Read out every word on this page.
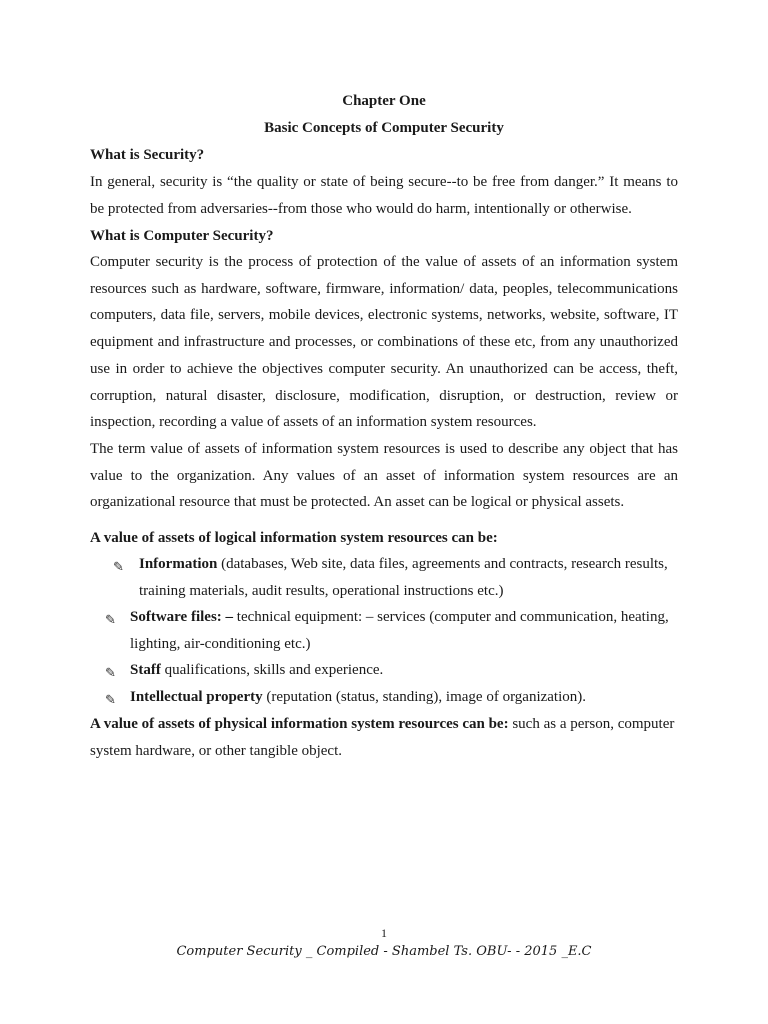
Chapter One
Basic Concepts of Computer Security
What is Security?
In general, security is “the quality or state of being secure--to be free from danger.” It means to
be protected from adversaries--from those who would do harm, intentionally or otherwise.
What is Computer Security?
Computer security is the process of protection of the value of assets of an information system
resources such as hardware, software, firmware, information/ data, peoples, telecommunications
computers, data file, servers, mobile devices, electronic systems, networks, website, software, IT
equipment and infrastructure and processes, or combinations of these etc, from any unauthorized
use in order to achieve the objectives computer security. An unauthorized can be access, theft,
corruption, natural disaster, disclosure, modification, disruption, or destruction, review or
inspection, recording a value of assets of an information system resources.
The term value of assets of information system resources is used to describe any object that has
value to the organization. Any values of an asset of information system resources are an
organizational resource that must be protected. An asset can be logical or physical assets.
A value of assets of logical information system resources can be:
✎ Information (databases, Web site, data files, agreements and contracts, research results,
training materials, audit results, operational instructions etc.)
✎ Software files: – technical equipment: – services (computer and communication, heating,
lighting, air-conditioning etc.)
✎ Staff qualifications, skills and experience.
✎ Intellectual property (reputation (status, standing), image of organization).
A value of assets of physical information system resources can be: such as a person, computer
system hardware, or other tangible object.
1
Computer Security _ Compiled - Shambel Ts. OBU- - 2015 _E.C
